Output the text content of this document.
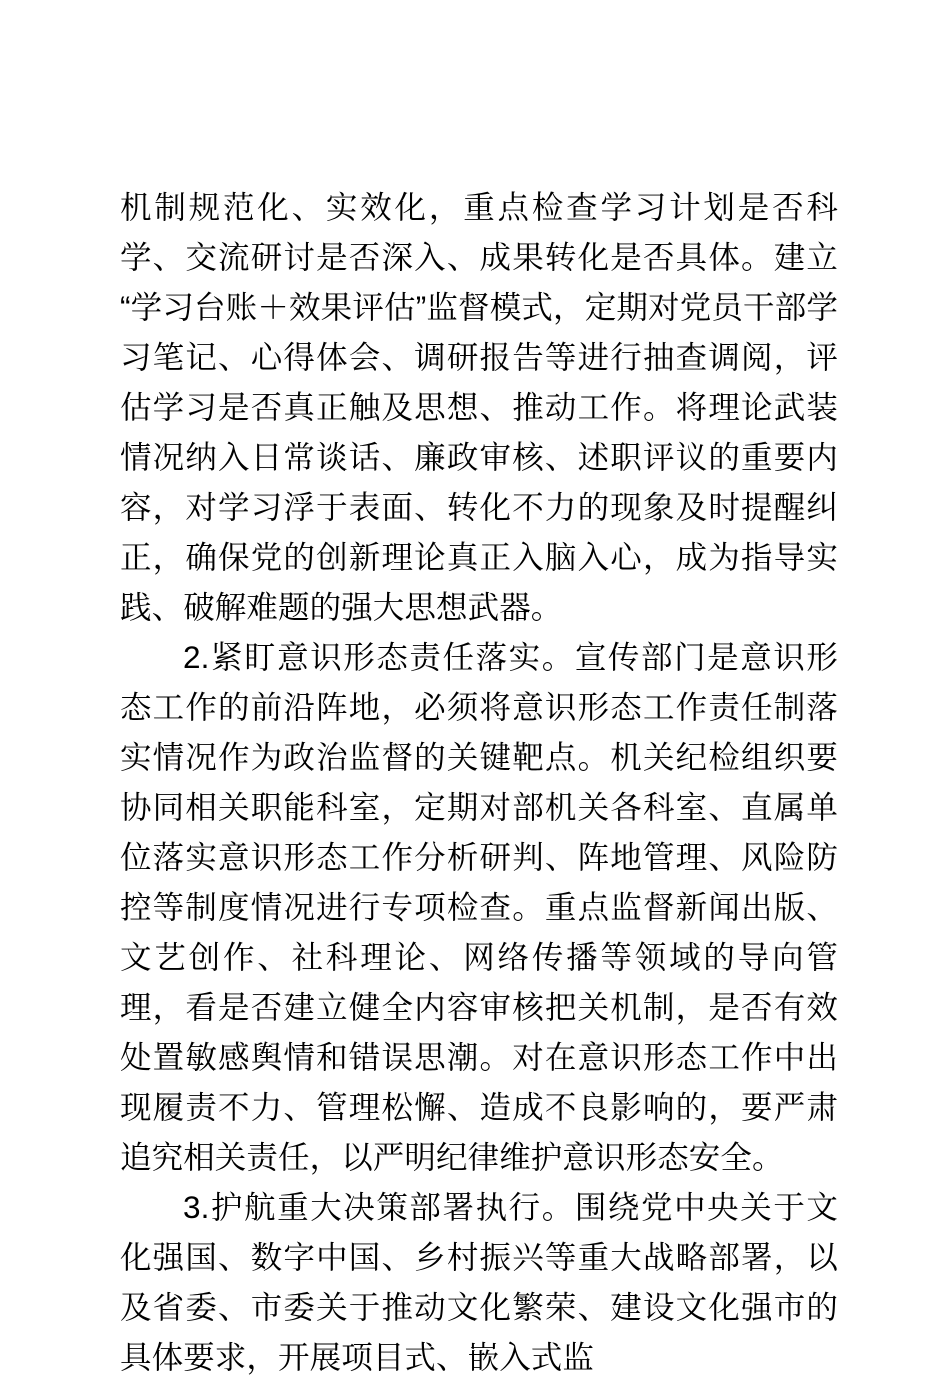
机制规范化、实效化，重点检查学习计划是否科学、交流研讨是否深入、成果转化是否具体。建立“学习台账＋效果评估”监督模式，定期对党员干部学习笔记、心得体会、调研报告等进行抽查调阅，评估学习是否真正触及思想、推动工作。将理论武装情况纳入日常谈话、廉政审核、述职评议的重要内容，对学习浮于表面、转化不力的现象及时提醒纠正，确保党的创新理论真正入脑入心，成为指导实践、破解难题的强大思想武器。

2.紧盯意识形态责任落实。宣传部门是意识形态工作的前沿阵地，必须将意识形态工作责任制落实情况作为政治监督的关键靶点。机关纪检组织要协同相关职能科室，定期对部机关各科室、直属单位落实意识形态工作分析研判、阵地管理、风险防控等制度情况进行专项检查。重点监督新闻出版、文艺创作、社科理论、网络传播等领域的导向管理，看是否建立健全内容审核把关机制，是否有效处置敏感舆情和错误思潮。对在意识形态工作中出现履责不力、管理松懈、造成不良影响的，要严肃追究相关责任，以严明纪律维护意识形态安全。

3.护航重大决策部署执行。围绕党中央关于文化强国、数字中国、乡村振兴等重大战略部署，以及省委、市委关于推动文化繁荣、建设文化强市的具体要求，开展项目式、嵌入式监
